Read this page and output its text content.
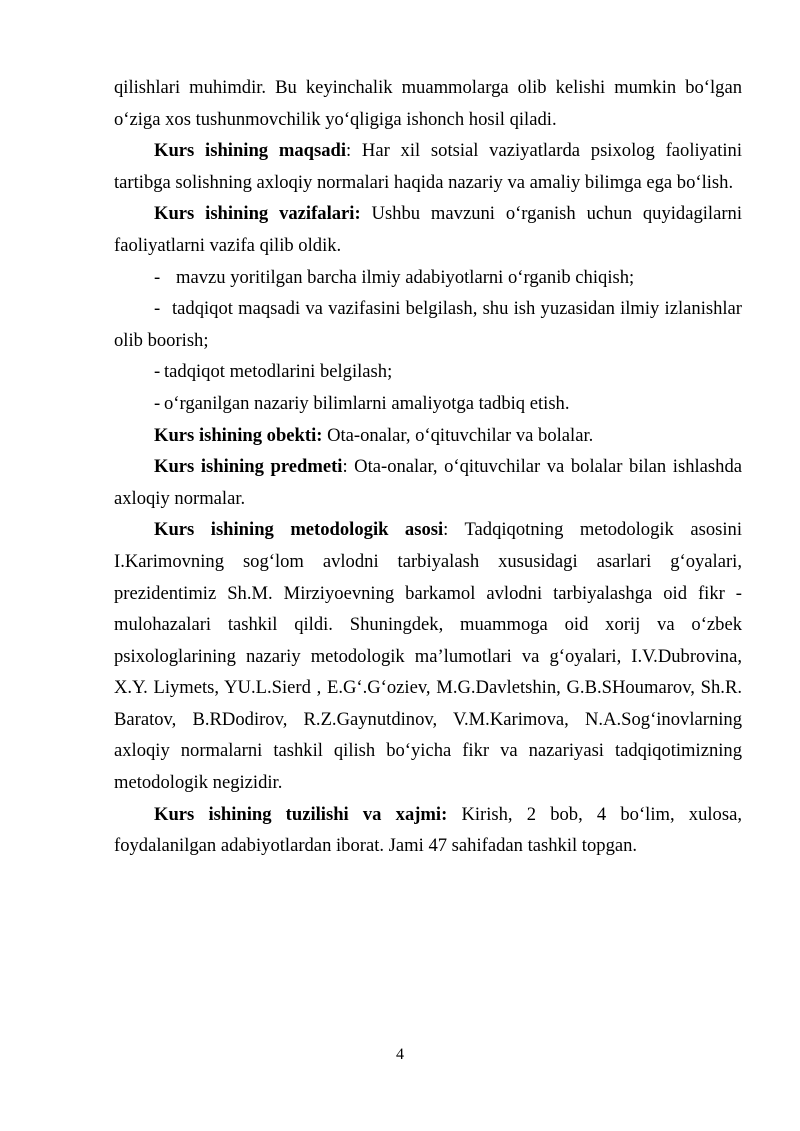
qilishlari muhimdir. Bu keyinchalik muammolarga olib kelishi mumkin bo‘lgan o‘ziga xos tushunmovchilik yo‘qligiga ishonch hosil qiladi.

Kurs ishining maqsadi: Har xil sotsial vaziyatlarda psixolog faoliyatini tartibga solishning axloqiy normalari haqida nazariy va amaliy bilimga ega bo‘lish.

Kurs ishining vazifalari: Ushbu mavzuni o‘rganish uchun quyidagilarni faoliyatlarni vazifa qilib oldik.

- mavzu yoritilgan barcha ilmiy adabiyotlarni o‘rganib chiqish;

- tadqiqot maqsadi va vazifasini belgilash, shu ish yuzasidan ilmiy izlanishlar olib boorish;

- tadqiqot metodlarini belgilash;

- o‘rganilgan nazariy bilimlarni amaliyotga tadbiq etish.

Kurs ishining obekti: Ota-onalar, o‘qituvchilar va bolalar.

Kurs ishining predmeti: Ota-onalar, o‘qituvchilar va bolalar bilan ishlashda axloqiy normalar.

Kurs ishining metodologik asosi: Tadqiqotning metodologik asosini I.Karimovning sog‘lom avlodni tarbiyalash xususidagi asarlari g‘oyalari, prezidentimiz Sh.M. Mirziyoevning barkamol avlodni tarbiyalashga oid fikr -mulohazalari tashkil qildi. Shuningdek, muammoga oid xorij va o‘zbek psixologlarining nazariy metodologik ma’lumotlari va g‘oyalari, I.V.Dubrovina, X.Y. Liymets, YU.L.Sierd , E.G‘.G‘oziev, M.G.Davletshin, G.B.SHoumarov, Sh.R. Baratov, B.RDodirov, R.Z.Gaynutdinov, V.M.Karimova, N.A.Sog‘inovlarning axloqiy normalarni tashkil qilish bo‘yicha fikr va nazariyasi tadqiqotimizning metodologik negizidir.

Kurs ishining tuzilishi va xajmi: Kirish, 2 bob, 4 bo‘lim, xulosa, foydalanilgan adabiyotlardan iborat. Jami 47 sahifadan tashkil topgan.

4
